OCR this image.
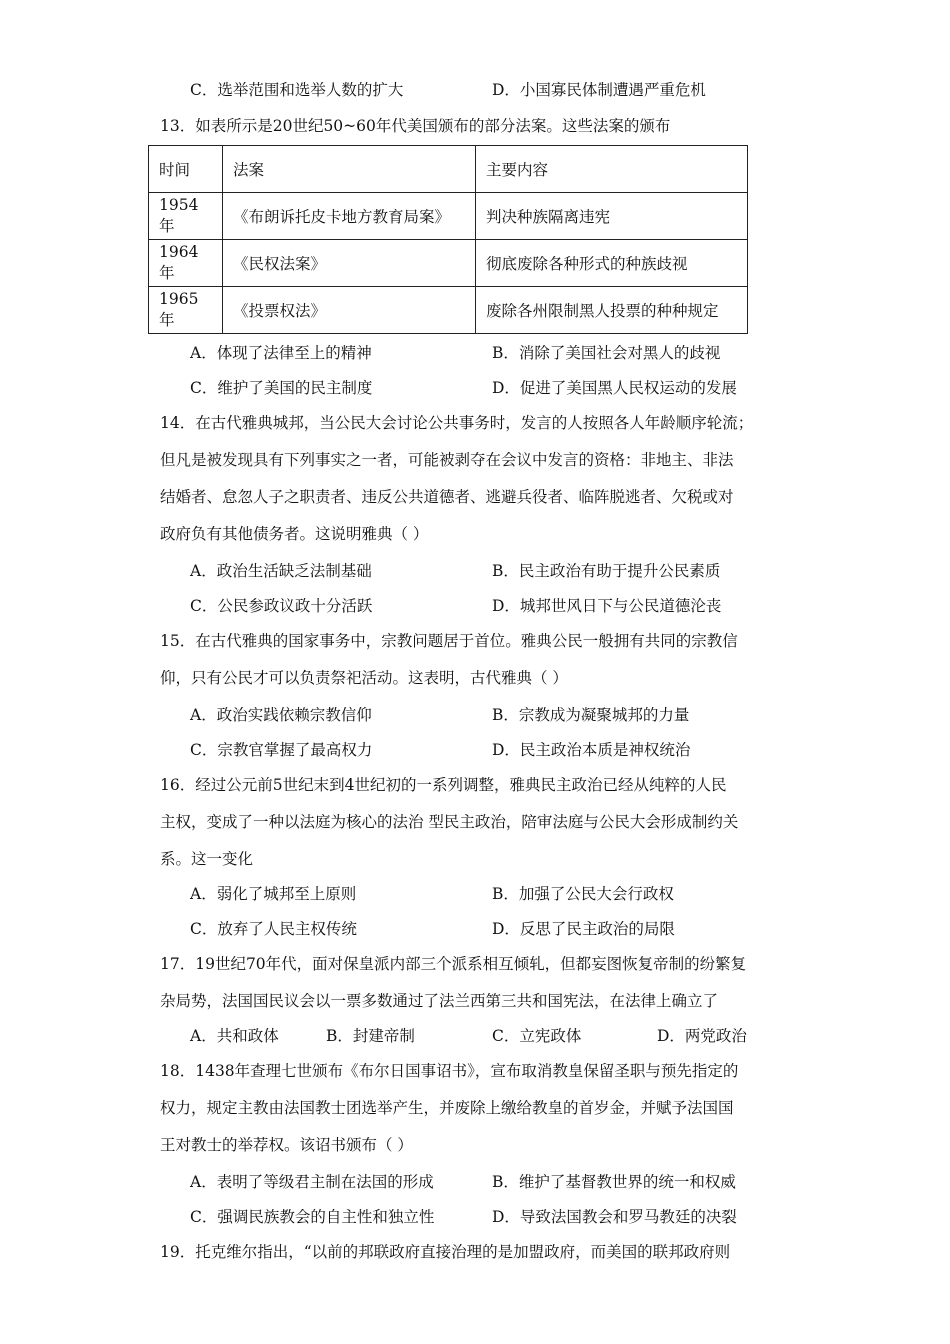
C．选举范围和选举人数的扩大	D．小国寡民体制遭遇严重危机
13．如表所示是20世纪50~60年代美国颁布的部分法案。这些法案的颁布
时间	法案	主要内容
1954年	《布朗诉托皮卡地方教育局案》	判决种族隔离违宪
1964年	《民权法案》	彻底废除各种形式的种族歧视
1965年	《投票权法》	废除各州限制黑人投票的种种规定
A．体现了法律至上的精神	B．消除了美国社会对黑人的歧视
C．维护了美国的民主制度	D．促进了美国黑人民权运动的发展
14．在古代雅典城邦，当公民大会讨论公共事务时，发言的人按照各人年龄顺序轮流；
但凡是被发现具有下列事实之一者，可能被剥夺在会议中发言的资格：非地主、非法
结婚者、怠忽人子之职责者、违反公共道德者、逃避兵役者、临阵脱逃者、欠税或对
政府负有其他债务者。这说明雅典（ ）
A．政治生活缺乏法制基础	B．民主政治有助于提升公民素质
C．公民参政议政十分活跃	D．城邦世风日下与公民道德沦丧
15．在古代雅典的国家事务中，宗教问题居于首位。雅典公民一般拥有共同的宗教信
仰，只有公民才可以负责祭祀活动。这表明，古代雅典（ ）
A．政治实践依赖宗教信仰	B．宗教成为凝聚城邦的力量
C．宗教官掌握了最高权力	D．民主政治本质是神权统治
16．经过公元前5世纪末到4世纪初的一系列调整，雅典民主政治已经从纯粹的人民
主权，变成了一种以法庭为核心的法治 型民主政治，陪审法庭与公民大会形成制约关
系。这一变化
A．弱化了城邦至上原则	B．加强了公民大会行政权
C．放弃了人民主权传统	D．反思了民主政治的局限
17．19世纪70年代，面对保皇派内部三个派系相互倾轧，但都妄图恢复帝制的纷繁复
杂局势，法国国民议会以一票多数通过了法兰西第三共和国宪法，在法律上确立了
A．共和政体	B．封建帝制	C．立宪政体	D．两党政治
18．1438年查理七世颁布《布尔日国事诏书》，宣布取消教皇保留圣职与预先指定的
权力，规定主教由法国教士团选举产生，并废除上缴给教皇的首岁金，并赋予法国国
王对教士的举荐权。该诏书颁布（ ）
A．表明了等级君主制在法国的形成	B．维护了基督教世界的统一和权威
C．强调民族教会的自主性和独立性	D．导致法国教会和罗马教廷的决裂
19．托克维尔指出，“以前的邦联政府直接治理的是加盟政府，而美国的联邦政府则
